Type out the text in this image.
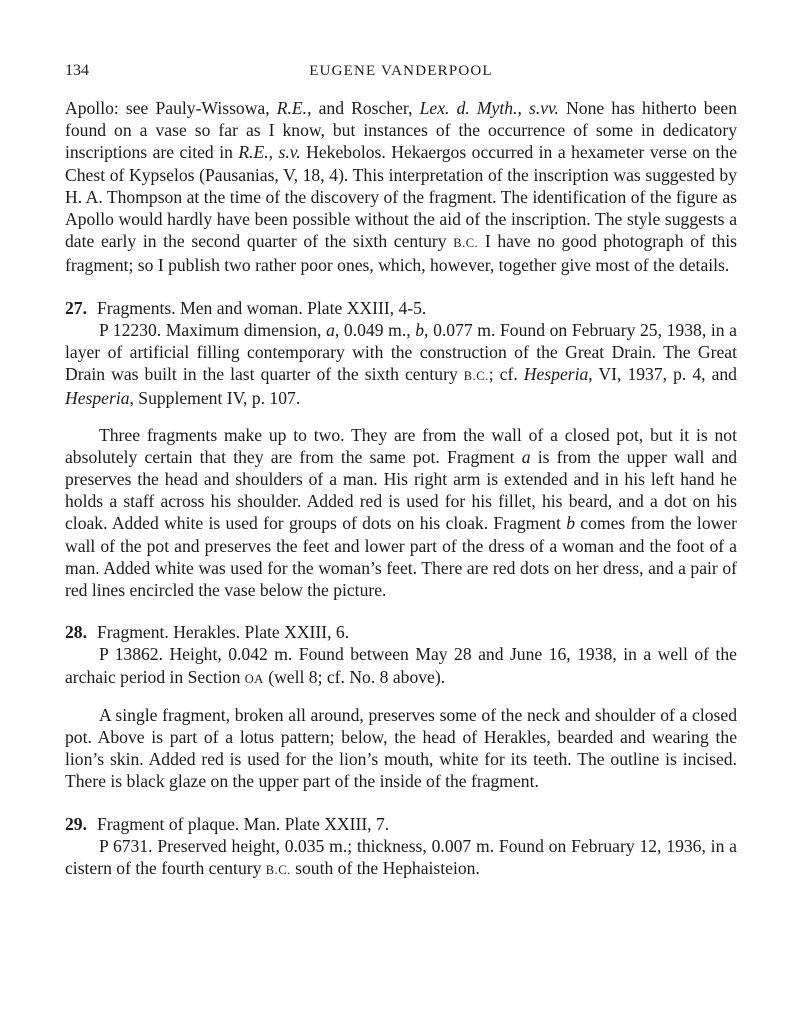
134	EUGENE VANDERPOOL

Apollo: see Pauly-Wissowa, R.E., and Roscher, Lex. d. Myth., s.vv. None has hitherto been found on a vase so far as I know, but instances of the occurrence of some in dedicatory inscriptions are cited in R.E., s.v. Hekebolos. Hekaergos occurred in a hexameter verse on the Chest of Kypselos (Pausanias, V, 18, 4). This interpretation of the inscription was suggested by H. A. Thompson at the time of the discovery of the fragment. The identification of the figure as Apollo would hardly have been possible without the aid of the inscription. The style suggests a date early in the second quarter of the sixth century B.C. I have no good photograph of this fragment; so I publish two rather poor ones, which, however, together give most of the details.

27. Fragments. Men and woman. Plate XXIII, 4-5.

P 12230. Maximum dimension, a, 0.049 m., b, 0.077 m. Found on February 25, 1938, in a layer of artificial filling contemporary with the construction of the Great Drain. The Great Drain was built in the last quarter of the sixth century B.C.; cf. Hesperia, VI, 1937, p. 4, and Hesperia, Supplement IV, p. 107.

Three fragments make up to two. They are from the wall of a closed pot, but it is not absolutely certain that they are from the same pot. Fragment a is from the upper wall and preserves the head and shoulders of a man. His right arm is extended and in his left hand he holds a staff across his shoulder. Added red is used for his fillet, his beard, and a dot on his cloak. Added white is used for groups of dots on his cloak. Fragment b comes from the lower wall of the pot and preserves the feet and lower part of the dress of a woman and the foot of a man. Added white was used for the woman’s feet. There are red dots on her dress, and a pair of red lines encircled the vase below the picture.

28. Fragment. Herakles. Plate XXIII, 6.

P 13862. Height, 0.042 m. Found between May 28 and June 16, 1938, in a well of the archaic period in Section OA (well 8; cf. No. 8 above).

A single fragment, broken all around, preserves some of the neck and shoulder of a closed pot. Above is part of a lotus pattern; below, the head of Herakles, bearded and wearing the lion’s skin. Added red is used for the lion’s mouth, white for its teeth. The outline is incised. There is black glaze on the upper part of the inside of the fragment.

29. Fragment of plaque. Man. Plate XXIII, 7.

P 6731. Preserved height, 0.035 m.; thickness, 0.007 m. Found on February 12, 1936, in a cistern of the fourth century B.C. south of the Hephaisteion.
